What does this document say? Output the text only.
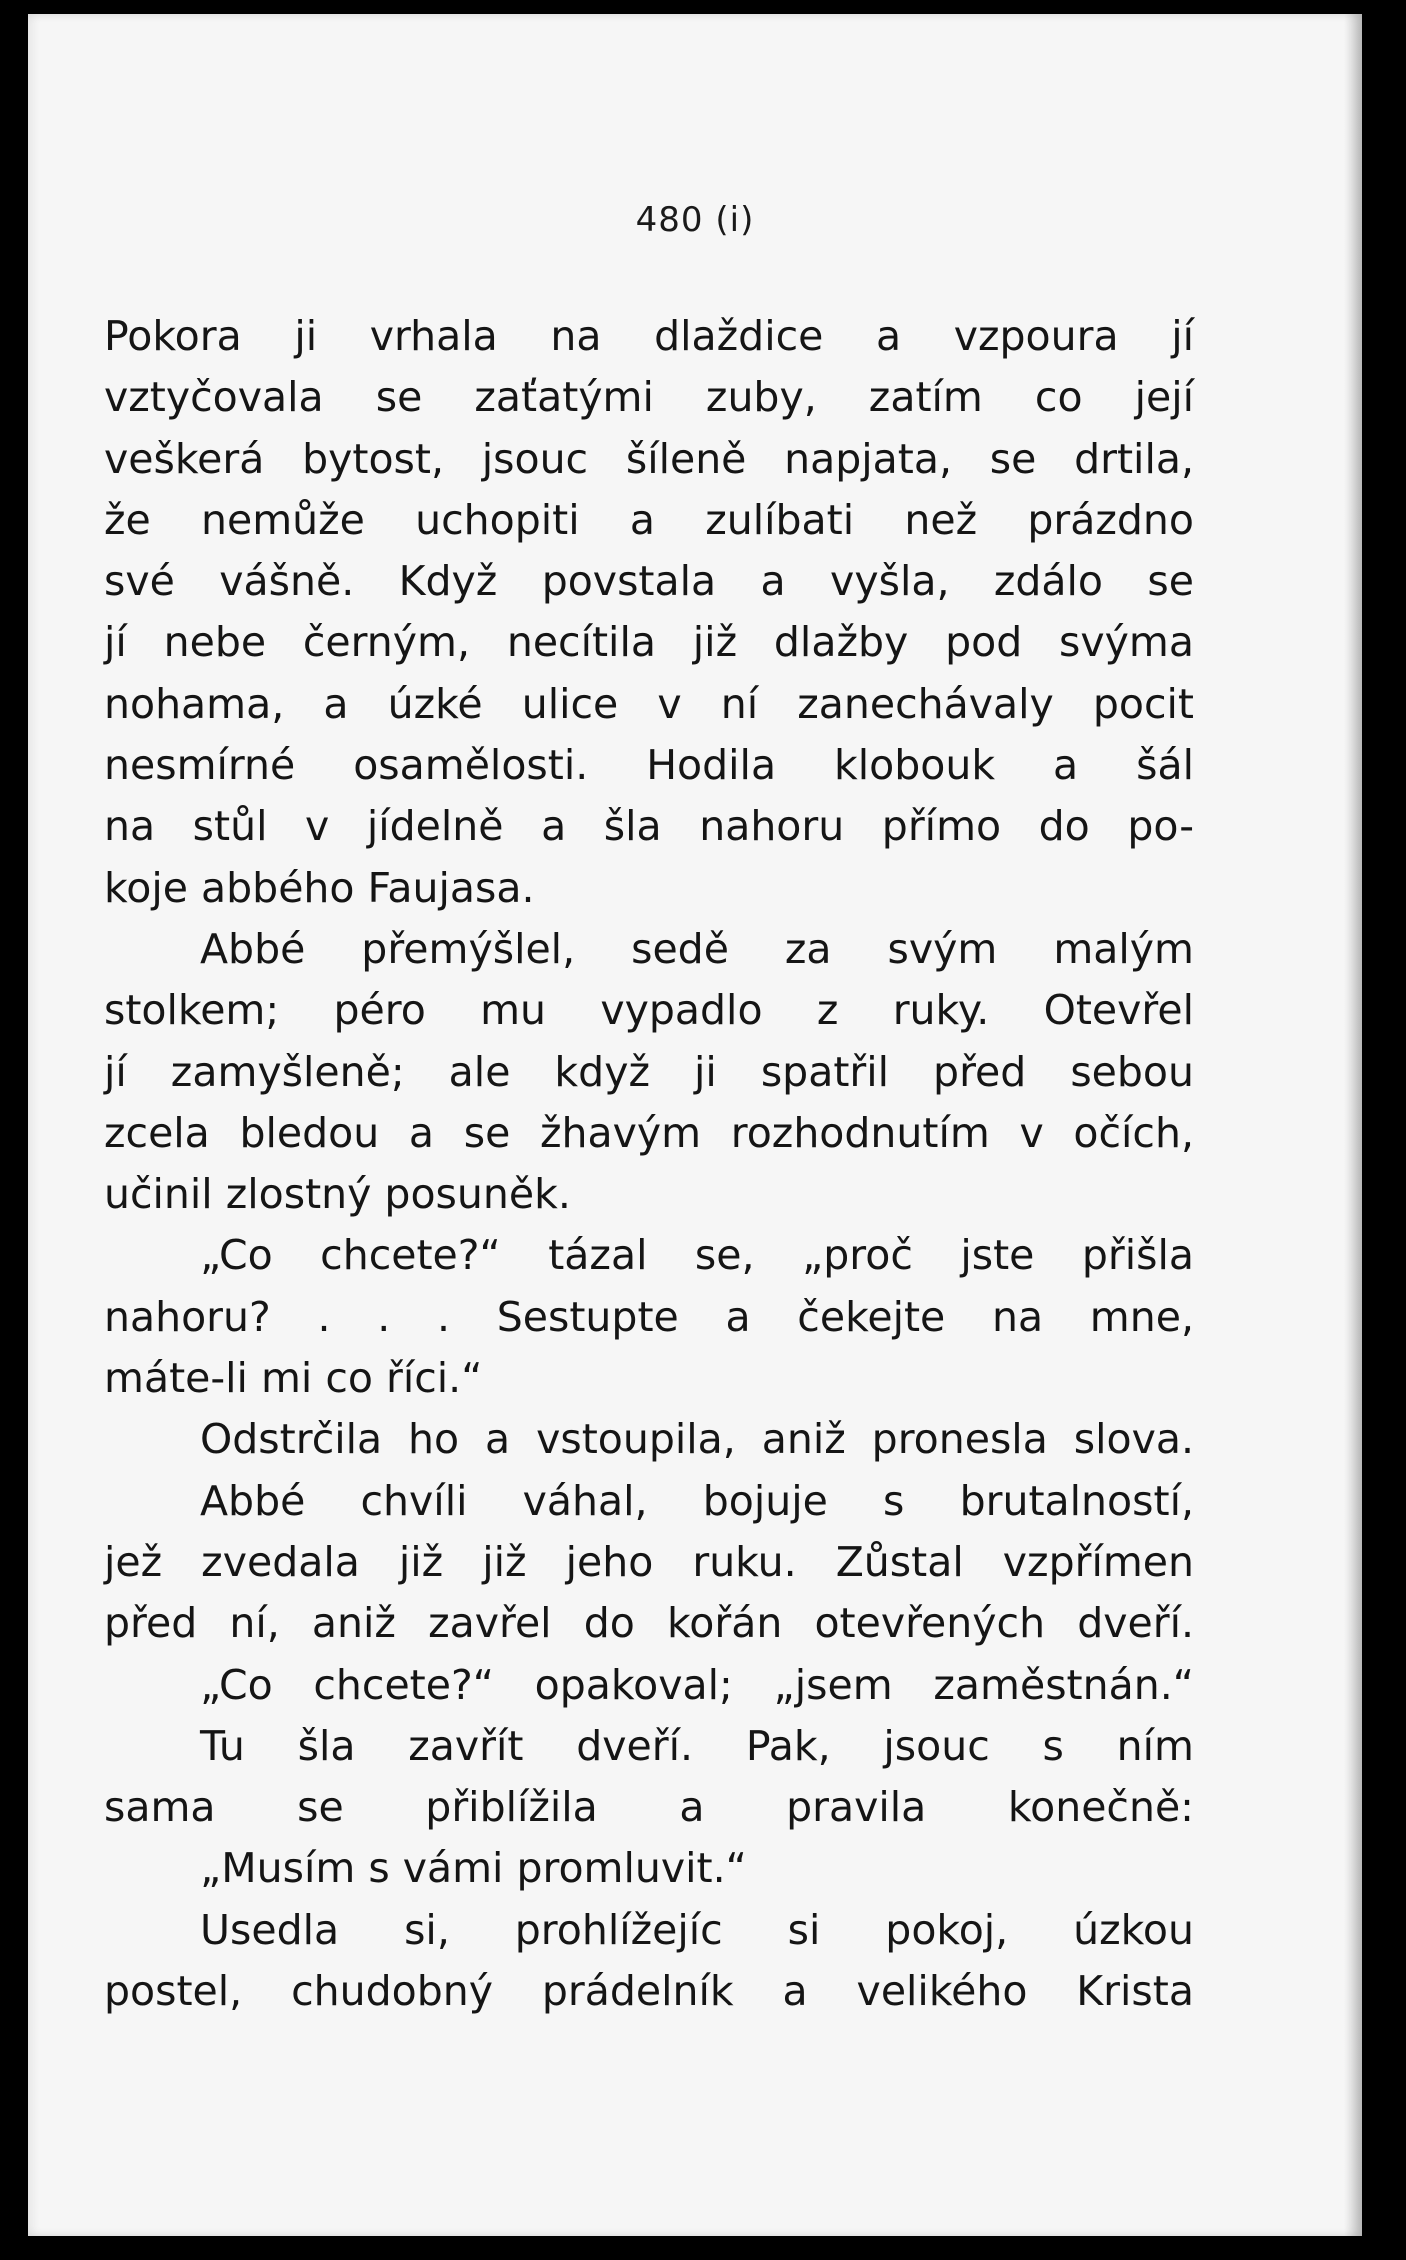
480 (i)
Pokora ji vrhala na dlaždice a vzpoura jí
vztyčovala se zaťatými zuby, zatím co její
veškerá bytost, jsouc šíleně napjata, se drtila,
že nemůže uchopiti a zulíbati než prázdno
své vášně. Když povstala a vyšla, zdálo se
jí nebe černým, necítila již dlažby pod svýma
nohama, a úzké ulice v ní zanechávaly pocit
nesmírné osamělosti. Hodila klobouk a šál
na stůl v jídelně a šla nahoru přímo do po-
koje abbého Faujasa.
Abbé přemýšlel, sedě za svým malým
stolkem; péro mu vypadlo z ruky. Otevřel
jí zamyšleně; ale když ji spatřil před sebou
zcela bledou a se žhavým rozhodnutím v očích,
učinil zlostný posuněk.
„Co chcete?“ tázal se, „proč jste přišla
nahoru? . . . Sestupte a čekejte na mne,
máte-li mi co říci.“
Odstrčila ho a vstoupila, aniž pronesla slova.
Abbé chvíli váhal, bojuje s brutalností,
jež zvedala již již jeho ruku. Zůstal vzpřímen
před ní, aniž zavřel do kořán otevřených dveří.
„Co chcete?“ opakoval; „jsem zaměstnán.“
Tu šla zavřít dveří. Pak, jsouc s ním
sama se přiblížila a pravila konečně:
„Musím s vámi promluvit.“
Usedla si, prohlížejíc si pokoj, úzkou
postel, chudobný prádelník a velikého Krista
